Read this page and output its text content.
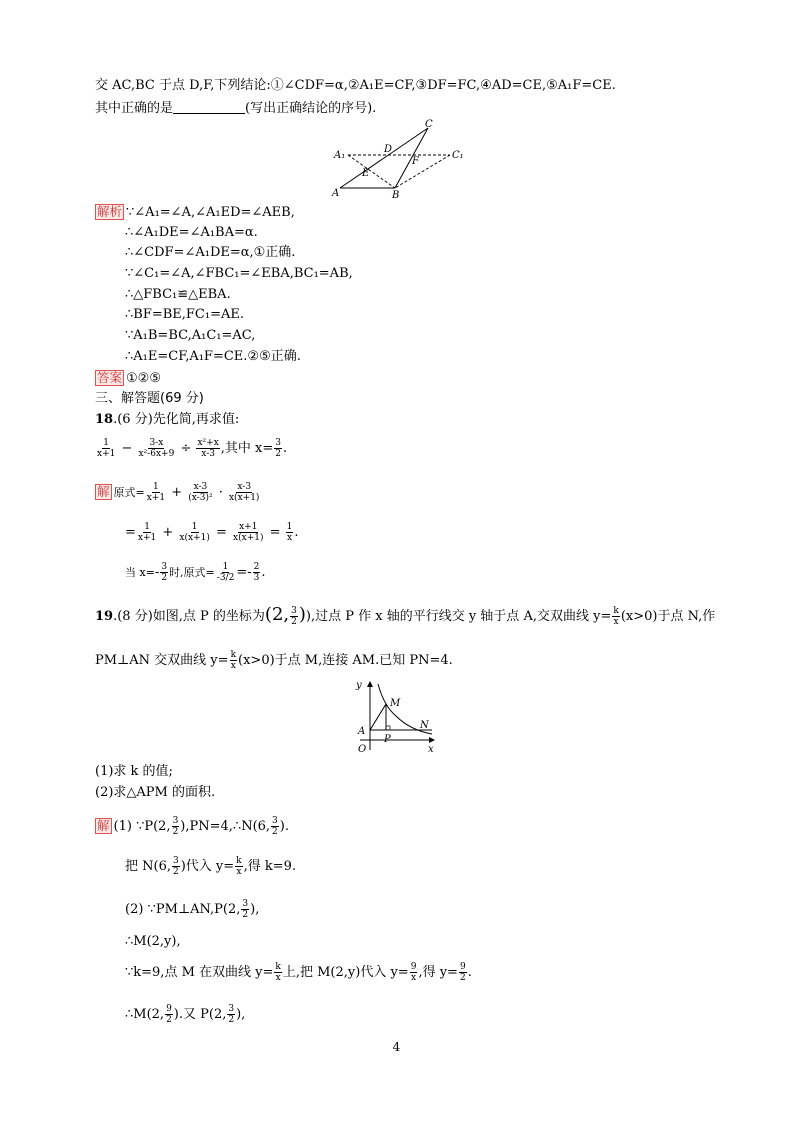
交 AC,BC 于点 D,F,下列结论:①∠CDF=α,②A₁E=CF,③DF=FC,④AD=CE,⑤A₁F=CE.
其中正确的是	(写出正确结论的序号).
A	B
C
A₁	C₁
D
E
F
解析 ∵∠A₁=∠A,∠A₁ED=∠AEB,
∴∠A₁DE=∠A₁BA=α.
∴∠CDF=∠A₁DE=α,①正确.
∵∠C₁=∠A,∠FBC₁=∠EBA,BC₁=AB,
∴△FBC₁≌△EBA.
∴BF=BE,FC₁=AE.
∵A₁B=BC,A₁C₁=AC,
∴A₁E=CF,A₁F=CE.②⑤正确.
答案 ①②⑤
三、解答题(69 分)
18.(6 分)先化简,再求值:
$\frac{1}{x+1} - \frac{3-x}{\text{x²-6x+9}} \div \frac{\text{x²+x}}{x-3}$ ,其中 $x= \frac{3}{2}$ .
解 原式= $\frac{1}{x+1} + \frac{x-3}{\text{(x-3)²}} \cdot \frac{x-3}{x(x+1)}$
= $\frac{1}{x+1} + \frac{1}{x(x+1)} = \frac{x+1}{x(x+1)} = \frac{1}{x}$ .
当 $x=- \frac{3}{2}$ 时,原式= $\frac{1}{-3/2} =- \frac{2}{3}$ .
19.(8 分)如图,点 P 的坐标为(2, $\frac{3}{2}$ )),过点 P 作 x 轴的平行线交 y 轴于点 A,交双曲线 $y= \frac{k}{x} (x>0)$于点 N,作
PM⊥AN 交双曲线 $y= \frac{k}{x} (x>0)$于点 M,连接 AM.已知 PN=4.
y
x
O
A
P
M
N
(1)求 k 的值;
(2)求△APM 的面积.
解 (1) ∵P(2, $\frac{3}{2}$ ),PN=4,∴N(6, $\frac{3}{2}$ ).
把 N(6, $\frac{3}{2}$ )代入 $y= \frac{k}{x}$ ,得 k=9.
(2) ∵PM⊥AN,P(2, $\frac{3}{2}$ ),
∴M(2,y),
∵k=9,点 M 在双曲线 $y= \frac{k}{x}$ 上,把 M(2,y)代入 $y= \frac{9}{x}$ ,得 $y= \frac{9}{2}$ .
∴M(2, $\frac{9}{2}$ ).又 P(2, $\frac{3}{2}$ ),
4
